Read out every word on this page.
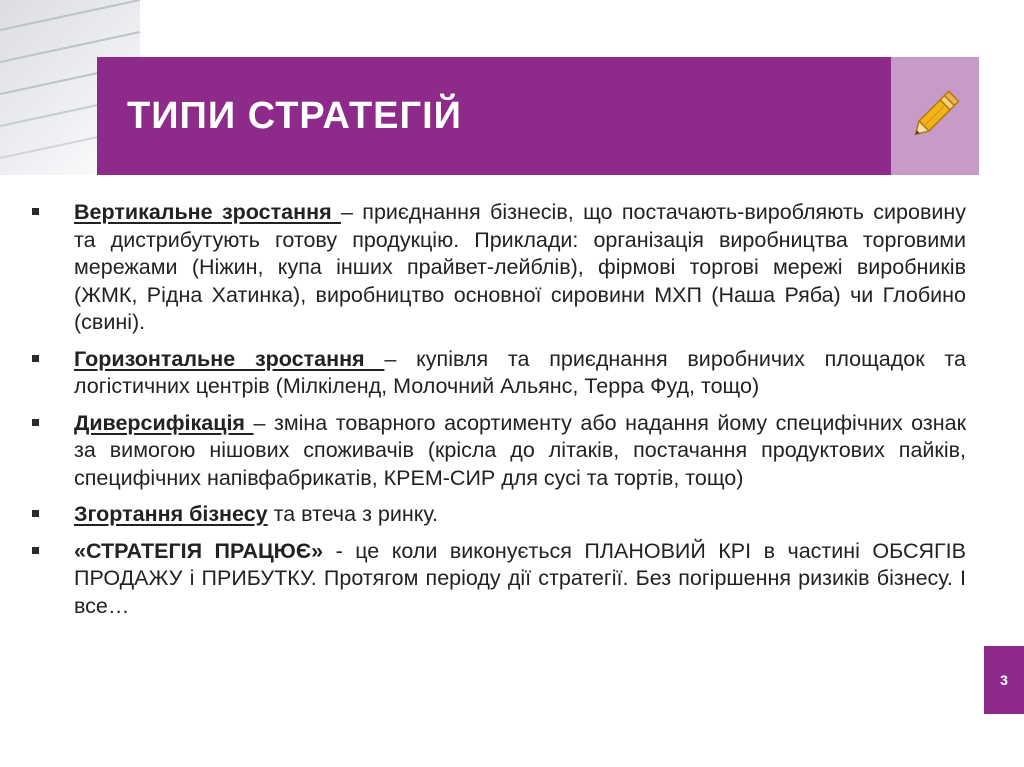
ТИПИ СТРАТЕГІЙ

Вертикальне зростання – приєднання бізнесів, що постачають-виробляють сировину та дистрибутують готову продукцію. Приклади: організація виробництва торговими мережами (Ніжин, купа інших прайвет-лейблів), фірмові торгові мережі виробників (ЖМК, Рідна Хатинка), виробництво основної сировини МХП (Наша Ряба) чи Глобино (свині).

Горизонтальне зростання – купівля та приєднання виробничих площадок та логістичних центрів (Мілкіленд, Молочний Альянс, Терра Фуд, тощо)

Диверсифікація – зміна товарного асортименту або надання йому специфічних ознак за вимогою нішових споживачів (крісла до літаків, постачання продуктових пайків, специфічних напівфабрикатів, КРЕМ-СИР для сусі та тортів, тощо)

Згортання бізнесу та втеча з ринку.

«СТРАТЕГІЯ ПРАЦЮЄ» - це коли виконується ПЛАНОВИЙ КРІ в частині ОБСЯГІВ ПРОДАЖУ і ПРИБУТКУ. Протягом періоду дії стратегії. Без погіршення ризиків бізнесу. І все…

3
